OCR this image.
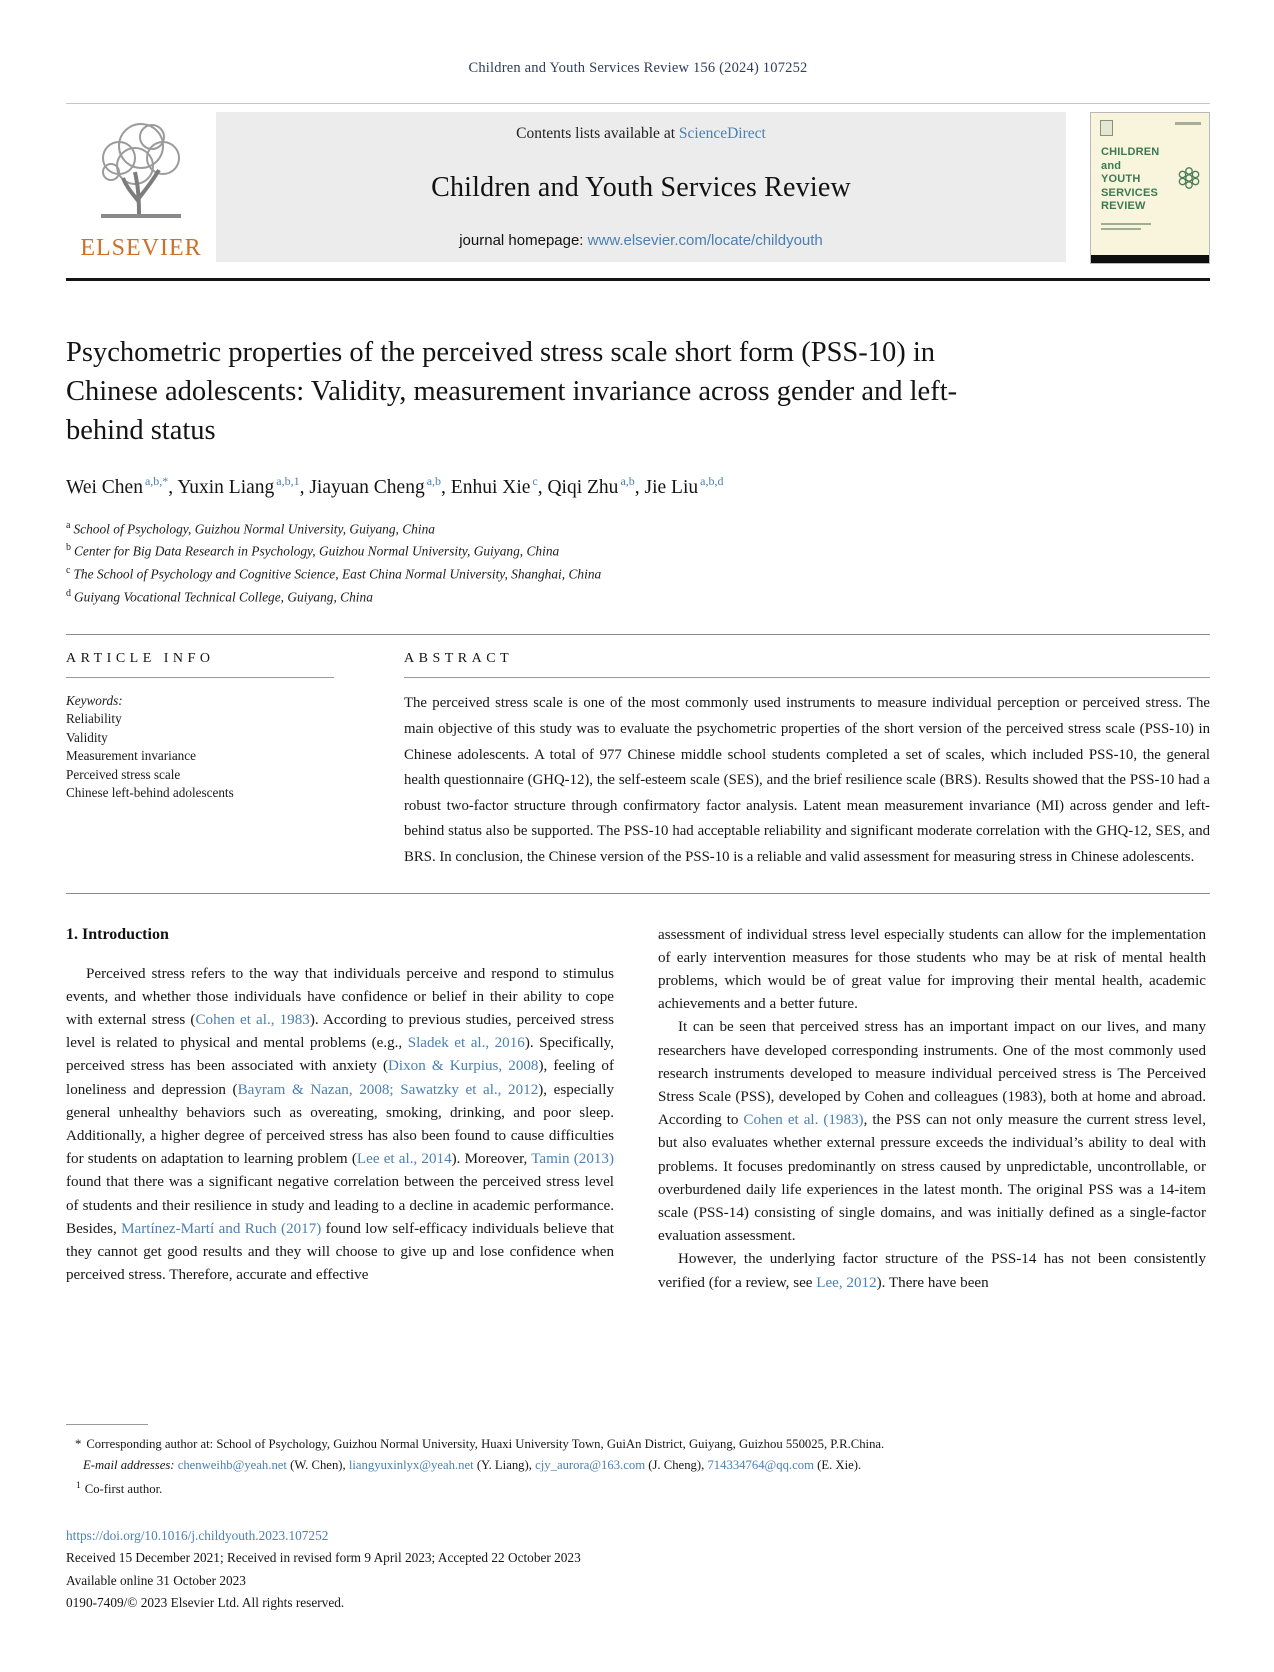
Children and Youth Services Review 156 (2024) 107252
ELSEVIER
Contents lists available at ScienceDirect
Children and Youth Services Review
journal homepage: www.elsevier.com/locate/childyouth
CHILDREN
and
YOUTH
SERVICES
REVIEW
Psychometric properties of the perceived stress scale short form (PSS-10) in Chinese adolescents: Validity, measurement invariance across gender and left-behind status
Wei Chen $^{a,b,*}$, Yuxin Liang $^{a,b,1}$, Jiayuan Cheng $^{a,b}$, Enhui Xie $^c$, Qiqi Zhu $^{a,b}$, Jie Liu $^{a,b,d}$
$^a$ School of Psychology, Guizhou Normal University, Guiyang, China
$^b$ Center for Big Data Research in Psychology, Guizhou Normal University, Guiyang, China
$^c$ The School of Psychology and Cognitive Science, East China Normal University, Shanghai, China
$^d$ Guiyang Vocational Technical College, Guiyang, China
ARTICLE INFO
Keywords:
Reliability
Validity
Measurement invariance
Perceived stress scale
Chinese left-behind adolescents
ABSTRACT
The perceived stress scale is one of the most commonly used instruments to measure individual perception or perceived stress. The main objective of this study was to evaluate the psychometric properties of the short version of the perceived stress scale (PSS-10) in Chinese adolescents. A total of 977 Chinese middle school students completed a set of scales, which included PSS-10, the general health questionnaire (GHQ-12), the self-esteem scale (SES), and the brief resilience scale (BRS). Results showed that the PSS-10 had a robust two-factor structure through confirmatory factor analysis. Latent mean measurement invariance (MI) across gender and left-behind status also be supported. The PSS-10 had acceptable reliability and significant moderate correlation with the GHQ-12, SES, and BRS. In conclusion, the Chinese version of the PSS-10 is a reliable and valid assessment for measuring stress in Chinese adolescents.
1. Introduction

Perceived stress refers to the way that individuals perceive and respond to stimulus events, and whether those individuals have confidence or belief in their ability to cope with external stress (Cohen et al., 1983). According to previous studies, perceived stress level is related to physical and mental problems (e.g., Sladek et al., 2016). Specifically, perceived stress has been associated with anxiety (Dixon & Kurpius, 2008), feeling of loneliness and depression (Bayram & Nazan, 2008; Sawatzky et al., 2012), especially general unhealthy behaviors such as overeating, smoking, drinking, and poor sleep. Additionally, a higher degree of perceived stress has also been found to cause difficulties for students on adaptation to learning problem (Lee et al., 2014). Moreover, Tamin (2013) found that there was a significant negative correlation between the perceived stress level of students and their resilience in study and leading to a decline in academic performance. Besides, Martínez-Martí and Ruch (2017) found low self-efficacy individuals believe that they cannot get good results and they will choose to give up and lose confidence when perceived stress. Therefore, accurate and effective

assessment of individual stress level especially students can allow for the implementation of early intervention measures for those students who may be at risk of mental health problems, which would be of great value for improving their mental health, academic achievements and a better future.

It can be seen that perceived stress has an important impact on our lives, and many researchers have developed corresponding instruments. One of the most commonly used research instruments developed to measure individual perceived stress is The Perceived Stress Scale (PSS), developed by Cohen and colleagues (1983), both at home and abroad. According to Cohen et al. (1983), the PSS can not only measure the current stress level, but also evaluates whether external pressure exceeds the individual’s ability to deal with problems. It focuses predominantly on stress caused by unpredictable, uncontrollable, or overburdened daily life experiences in the latest month. The original PSS was a 14-item scale (PSS-14) consisting of single domains, and was initially defined as a single-factor evaluation assessment.

However, the underlying factor structure of the PSS-14 has not been consistently verified (for a review, see Lee, 2012). There have been

* Corresponding author at: School of Psychology, Guizhou Normal University, Huaxi University Town, GuiAn District, Guiyang, Guizhou 550025, P.R.China.
E-mail addresses: chenweihb@yeah.net (W. Chen), liangyuxinlyx@yeah.net (Y. Liang), cjy_aurora@163.com (J. Cheng), 714334764@qq.com (E. Xie).
$^1$ Co-first author.
https://doi.org/10.1016/j.childyouth.2023.107252
Received 15 December 2021; Received in revised form 9 April 2023; Accepted 22 October 2023
Available online 31 October 2023
0190-7409/© 2023 Elsevier Ltd. All rights reserved.
